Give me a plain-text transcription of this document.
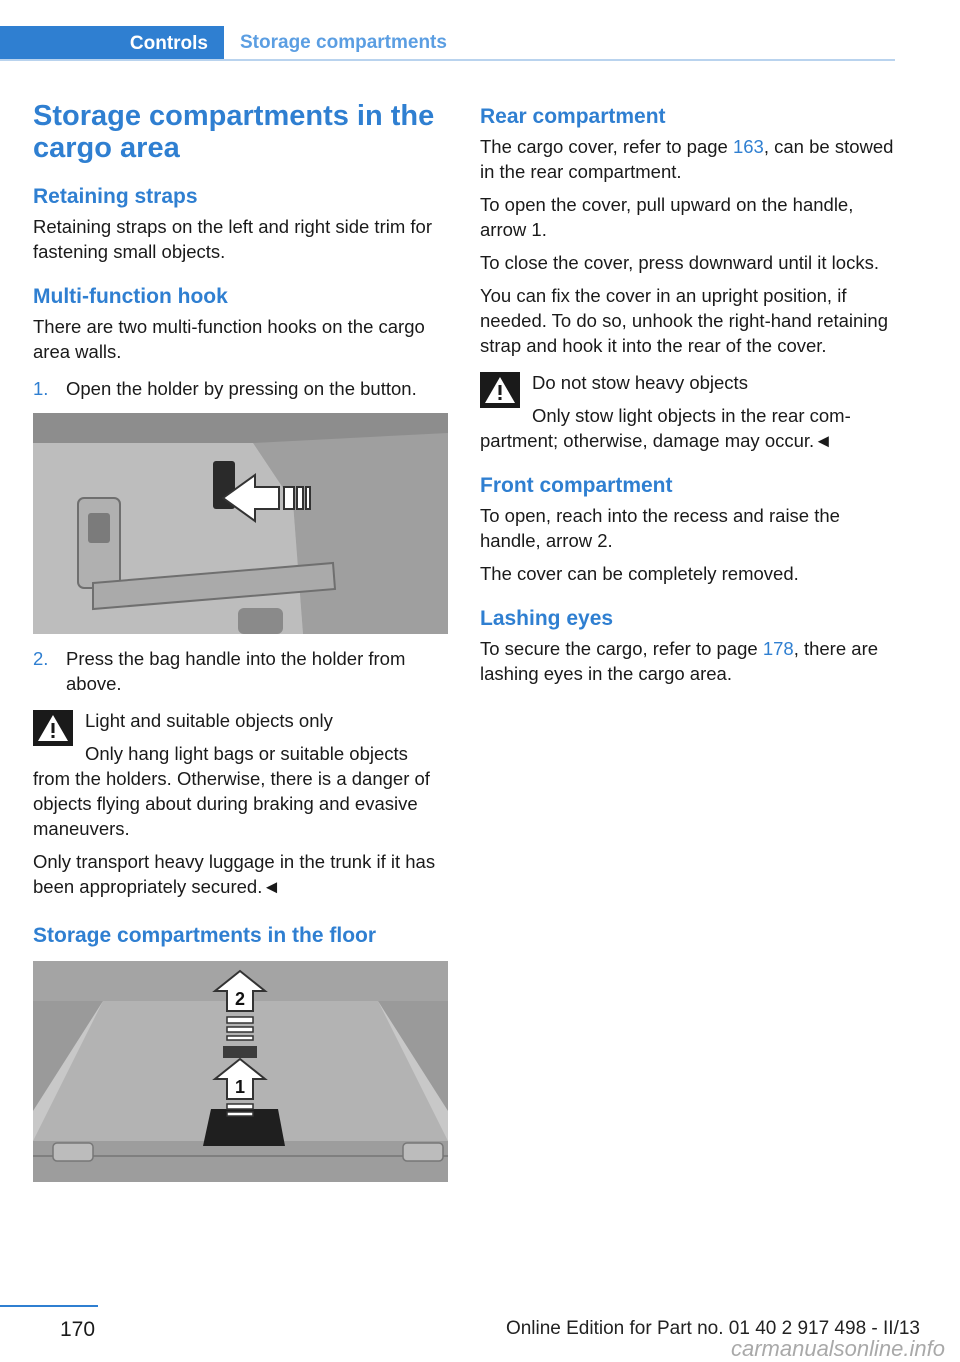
Controls	Storage compartments
Storage compartments in the cargo area
Retaining straps

Retaining straps on the left and right side trim for fastening small objects.

Multi-function hook

There are two multi-function hooks on the cargo area walls.

1. Open the holder by pressing on the button.
2. Press the bag handle into the holder from above.

Light and suitable objects only

Only hang light bags or suitable objects

from the holders. Otherwise, there is a danger of objects flying about during braking and evasive maneuvers.

Only transport heavy luggage in the trunk if it has been appropriately secured.◄

Storage compartments in the floor
2
1
Rear compartment

The cargo cover, refer to page 163, can be stowed in the rear compartment.

To open the cover, pull upward on the handle, arrow 1.

To close the cover, press downward until it locks.

You can fix the cover in an upright position, if needed. To do so, unhook the right-hand retaining strap and hook it into the rear of the cover.

Do not stow heavy objects

Only stow light objects in the rear com-

partment; otherwise, damage may occur.◄

Front compartment

To open, reach into the recess and raise the handle, arrow 2.

The cover can be completely removed.

Lashing eyes

To secure the cargo, refer to page 178, there are lashing eyes in the cargo area.

170	Online Edition for Part no. 01 40 2 917 498 - II/13
carmanualsonline.info
